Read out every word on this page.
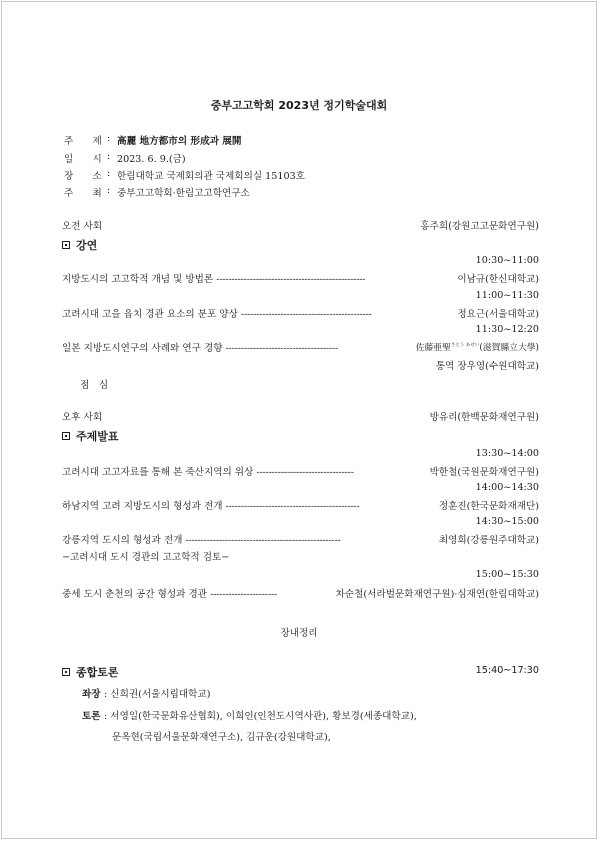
중부고고학회 2023년 정기학술대회
주　　제 : 高麗 地方都市의 形成과 展開
일　　시 : 2023. 6. 9.(금)
장　　소 : 한림대학교 국제회의관 국제회의실 15103호
주　　최 : 중부고고학회·한림고고학연구소
오전 사회	홍주희(강원고고문화연구원)
강연
10:30~11:00
지방도시의 고고학적 개념 및 방법론 -------------------------------------------------	이남규(한신대학교)
11:00~11:30
고려시대 고을 읍치 경관 요소의 분포 양상 -------------------------------------------	정요근(서울대학교)
11:30~12:20
일본 지방도시연구의 사례와 연구 경향 -------------------------------------	佐藤亜聖$^{さとう あせい}$(滋賀縣立大學)
통역 장우영(수원대학교)
점　심
오후 사회	방유리(한백문화재연구원)
주제발표
13:30~14:00
고려시대 고고자료를 통해 본 죽산지역의 위상 --------------------------------	박한철(국원문화재연구원)
14:00~14:30
하남지역 고려 지방도시의 형성과 전개 --------------------------------------------	정훈진(한국문화재재단)
14:30~15:00
강릉지역 도시의 형성과 전개 ---------------------------------------------------	최영희(강릉원주대학교)
−고려시대 도시 경관의 고고학적 검토−
15:00~15:30
중세 도시 춘천의 공간 형성과 경관 ----------------------	차순철(서라벌문화재연구원)·심재연(한림대학교)
장내정리
종합토론	15:40~17:30
좌장 : 신희권(서울시립대학교)
토론 : 서영일(한국문화유산협회), 이희인(인천도시역사관), 황보경(세종대학교),
문옥현(국립서울문화재연구소), 김규운(강원대학교),
